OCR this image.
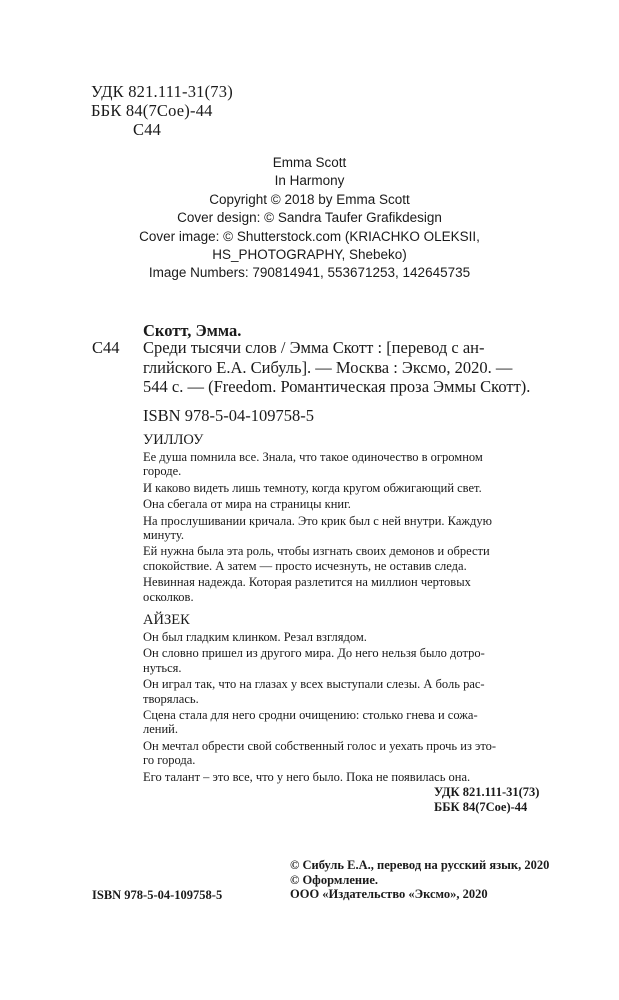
УДК 821.111-31(73)
ББК 84(7Сое)-44
С44
Emma Scott
In Harmony
Copyright © 2018 by Emma Scott
Cover design: © Sandra Taufer Grafikdesign
Cover image: © Shutterstock.com (KRIACHKO OLEKSII,
HS_PHOTOGRAPHY, Shebeko)
Image Numbers: 790814941, 553671253, 142645735
Скотт, Эмма.
С44 Среди тысячи слов / Эмма Скотт : [перевод с ан-
глийского Е.А. Сибуль]. — Москва : Эксмо, 2020. —
544 с. — (Freedom. Романтическая проза Эммы Скотт).
ISBN 978-5-04-109758-5
УИЛЛОУ

Ее душа помнила все. Знала, что такое одиночество в огромном
городе.

И каково видеть лишь темноту, когда кругом обжигающий свет.

Она сбегала от мира на страницы книг.

На прослушивании кричала. Это крик был с ней внутри. Каждую
минуту.

Ей нужна была эта роль, чтобы изгнать своих демонов и обрести
спокойствие. А затем — просто исчезнуть, не оставив следа.

Невинная надежда. Которая разлетится на миллион чертовых
осколков.

АЙЗЕК

Он был гладким клинком. Резал взглядом.

Он словно пришел из другого мира. До него нельзя было дотро-
нуться.

Он играл так, что на глазах у всех выступали слезы. А боль рас-
творялась.

Сцена стала для него сродни очищению: столько гнева и сожа-
лений.

Он мечтал обрести свой собственный голос и уехать прочь из это-
го города.

Его талант – это все, что у него было. Пока не появилась она.

УДК 821.111-31(73)
ББК 84(7Сое)-44
© Сибуль Е.А., перевод на русский язык, 2020
© Оформление.
ООО «Издательство «Эксмо», 2020
ISBN 978-5-04-109758-5
